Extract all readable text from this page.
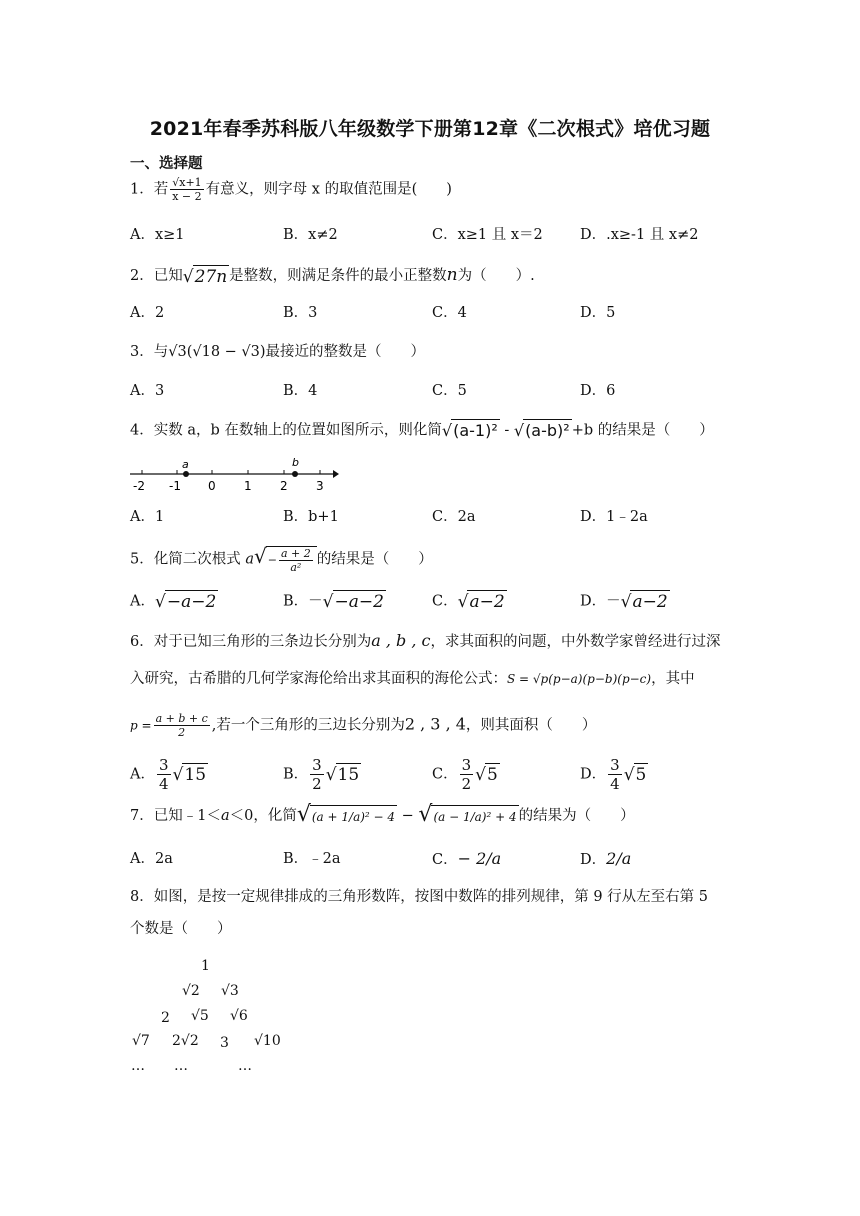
2021年春季苏科版八年级数学下册第12章《二次根式》培优习题
一、选择题
1．若 $\frac{√x+1}{x - 2}$ 有意义，则字母 x 的取值范围是(　　)
A．x≥1	B．x≠2	C．x≥1 且 x＝2	D．.x≥-1 且 x≠2
2．已知√27n 是整数，则满足条件的最小正整数n为（　　）.
A．2	B．3	C．4	D．5
3．与√3(√18 − √3)最接近的整数是（　　）
A．3	B．4	C．5	D．6
4．实数 a，b 在数轴上的位置如图所示，则化简√(a-1)² - √(a-b)² +b 的结果是（　　）
a	b
-2 -1 0 1 2 3
A．1	B．b+1	C．2a	D．1﹣2a
5．化简二次根式 $a√- \frac{a + 2}{\text{a²}}$ 的结果是（　　）
A．√−a−2	B．－√−a−2	C．√a−2	D．－√a−2
6．对于已知三角形的三条边长分别为a , b , c，求其面积的问题，中外数学家曾经进行过深
入研究，古希腊的几何学家海伦给出求其面积的海伦公式：S = √p(p−a)(p−b)(p−c)，其中
$p = \frac{a + b + c}{2}$ ,若一个三角形的三边长分别为2 , 3 , 4，则其面积（　　）
A． $\frac{3}{4} √15$	B． $\frac{3}{2} √15$	C． $\frac{3}{2} √5$	D． $\frac{3}{4} √5$
7．已知﹣1＜a＜0，化简√(a + 1/a)² − 4 − √(a − 1/a)² + 4 的结果为（　　）
A．2a	B．﹣2a	C．− 2/a	D．2/a
8．如图，是按一定规律排成的三角形数阵，按图中数阵的排列规律，第 9 行从左至右第 5
个数是（　　）
1
√2 √3
2 √5 √6
√7 2√2 3 √10
… …	…
